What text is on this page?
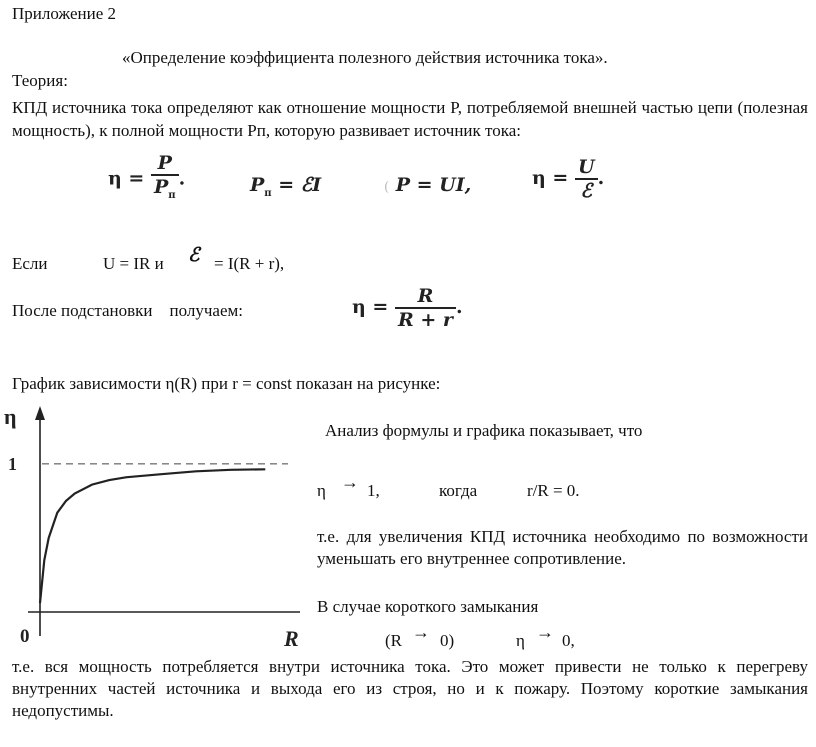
Приложение 2
«Определение коэффициента полезного действия источника тока».
Теория:
КПД источника тока определяют как отношение мощности P, потребляемой внешней частью цепи (полезная мощность), к полной мощности Pп, которую развивает источник тока:
$\eta = \frac{P}{P_п}$ .	$P_п$ = ℰI	( P = UI,	$\eta = \frac{U}{\text{ℰ}}$ .
Если	U = IR и ℰ = I(R + r),
После подстановки    получаем:	$\eta = \frac{R}{R + r}$ .
График зависимости η(R) при r = const показан на рисунке:
η
R
0
1
Анализ формулы и графика показывает, что
η → 1,	когда	r/R = 0.
т.е. для увеличения КПД источника необходимо по возможности уменьшать его внутреннее сопротивление.
В случае короткого замыкания
(R → 0)	η → 0,
т.е. вся мощность потребляется внутри источника тока. Это может привести не только к перегреву внутренних частей источника и выхода его из строя, но и к пожару. Поэтому короткие замыкания недопустимы.
